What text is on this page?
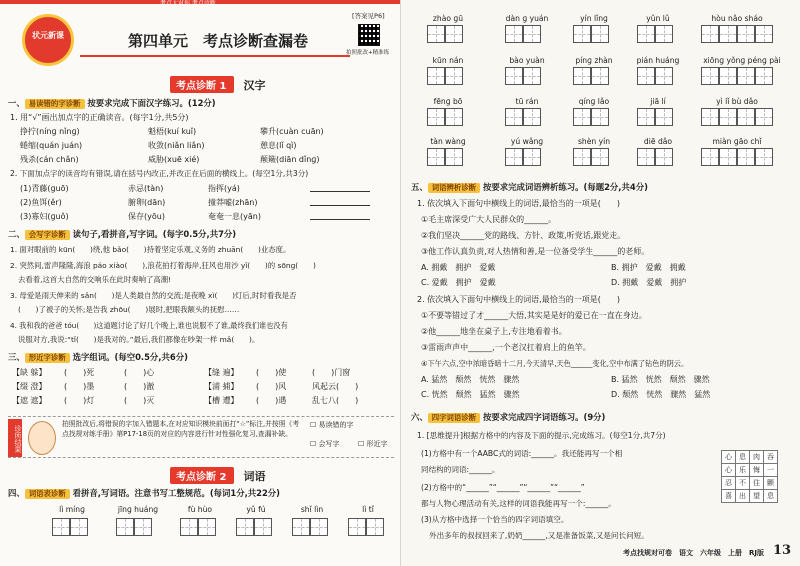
考点大对你 考点诊断
状元新课	第四单元　考点诊断查漏卷
[答案见P6]
拍照批改+精准练
考点诊断 1 汉字
一、 易读错的字诊断 按要求完成下面汉字练习。(12分)
1. 用“√”画出加点字的正确读音。(每字1分,共5分)
挣拧(nínɡ nǐnɡ)	魁梧(kuí kuǐ)	攀升(cuàn cuān)
蜷缩(quán juán)	收敛(niǎn liǎn)	憩息(lǐ qì)
残杀(cán chǎn)	威胁(xuē xié)	颠簸(diān dǐnɡ)
2. 下面加点字的读音均有错误,请在括号内改正,并改正在后面的横线上。(每空1分,共3分)
(1)青藤(ɡuō)	赤忌(tàn)	指挥(yá)
(2)鱼饵(ěr)	腑卵(dān)	撞莽嘘(zhān)
(3)寡妇(ɡuǒ)	保存(yōu)	奄奄一息(yān)
二、 会写字诊断 读句子,看拼音,写字词。(每字0.5分,共7分)
1. 面对眼前的 kūn(　　)绕,他 bǎo(　　)持着坚定乐观,义务的 zhuān(　　)业态度。
2. 突然间,雷声隆隆,海浪 páo xiào(　　),浪花拍打着海岸,狂风也用沙 yǐ(　　)的 sōnɡ(　　)
去看着,这首大自然的交响乐在此时奏响了高潮!
3. 母爱是雨天伸来的 sǎn(　　)是人类最自然的交流;是夜晚 xì(　　)灯后,时时看我是否
(　　)了被子的关怀;是告我 zhōu(　　)展时,把眼我额头的抚慰……
4. 我和我的爸爸 tóu(　　)这道题讨论了好几个晚上,谁也说服不了谁,最终我们谁也没有
说服对方,我说:“tǐ(　　)是我对的。”最后,我们都像在吵架一样 mǎ(　　)。
三、 形近字诊断 选字组词。(每空0.5分,共6分)
【缺 躲】 (　　)死	(　　)心	【缝 遍】 (　　)使	(　　)门窗
【缀 澄】 (　　)墨	(　　)澈	【浦 捕】 (　　)风	风起云(　　)
【遮 遮】 (　　)灯	(　　)灭	【槽 遭】 (　　)遇	乱七八(　　)
诊所结果
拍照批改后,将错误的字加入错题本,在对应知识模块前面打“☆”标注,并按照《考点找规对练手册》第P17-18页的对应的内容进行针对性强化复习,查漏补缺。
☐ 易读错的字
☐ 会写字	☐ 形近字
考点诊断 2 词语
四、 词语表诊断 看拼音,写词语。注意书写工整规范。(每词1分,共22分)
lì mínɡ	jīnɡ huánɡ	fù hùo	yǔ fú	shǐ lìn	lì tǐ
zhào ɡū	dàn ɡ yuán	yín lǐnɡ	yǔn lǔ	hòu nǎo sháo
kūn nán	bào yuàn	pínɡ zhàn	pián huáng	xiōnɡ yǒnɡ pénɡ pài
fēnɡ bō	tū rán	qínɡ lǎo	jiā lí	yì lǐ bù dǎo
tàn wànɡ	yú wǎnɡ	shèn yín	diē dǎo	miàn ɡāo chǐ
五、 词语辨析诊断 按要求完成词语辨析练习。(每题2分,共4分)
1. 依次填入下面句中横线上的词语,最恰当的一项是(　　)
①毛主席深受广大人民群众的______。
②我们坚决______党的路线、方针、政策,听党话,跟党走。
③他工作认真负责,对人热情和善,是一位备受学生______的老师。
A. 拥戴　拥护　爱戴	B. 拥护　爱戴　拥戴
C. 爱戴　拥护　爱戴	D. 拥戴　爱戴　拥护
2. 依次填入下面句中横线上的词语,最恰当的一项是(　　)
①不要等错过了才______大悟,其实是是好的爱已在一直在身边。
②他______地坐在桌子上,专注地看着书。
③雷雨声声中______,一个老汉扛着肩上的鱼竿。
④下午六点,空中浓暗昏暗十二月,今天清早,天色______变化,空中布满了钻色的阴云。
A. 猛然　颓然　恍然　骤然	B. 猛然　恍然　颓然　骤然
C. 恍然　颓然　猛然　骤然	D. 颓然　恍然　骤然　猛然
六、 四字词语诊断 按要求完成四字词语练习。(9分)
1. [思维提升]根据方格中的内容及下面的提示,完成练习。(每空1分,共7分)
(1)方格中有一个AABC式的词语:______。我还能再写一个相
同结构的词语:______。
(2)方格中的“______”“______”“______”“______”
都与人物心理活动有关,这样的词语我能再写一个:______。
(3)从方格中选择一个恰当的四字词语填空。
外出多年的叔叔回来了,奶奶______,又是准备饭菜,又是问长问短。
心	息	肉	吞
心	乐	悔	一
忍	不	住	颤
喜	出	望	息
考点找规对可卷　语文　六年级　上册　RJ版 13
